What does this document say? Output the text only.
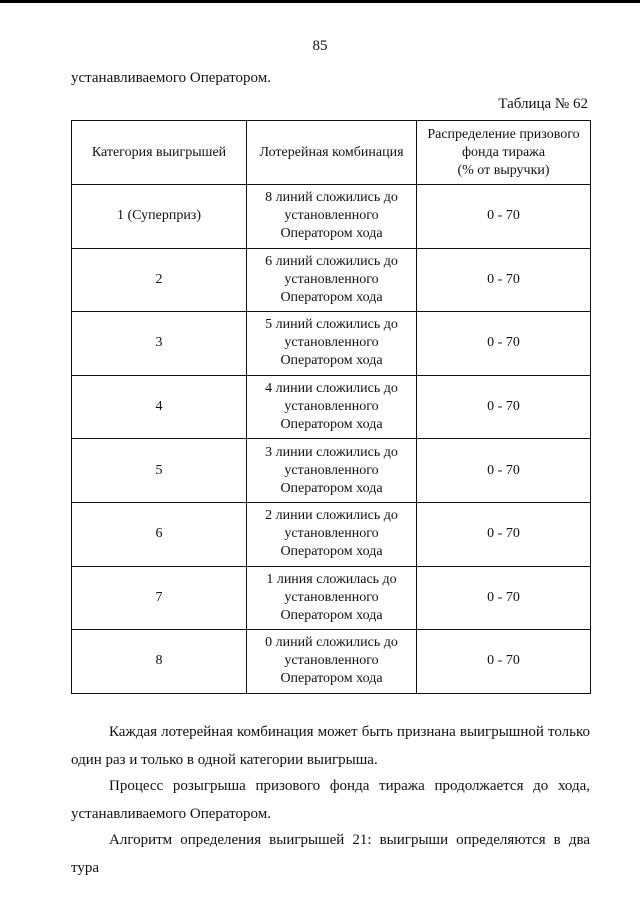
85
устанавливаемого Оператором.
Таблица № 62
Категория выигрышей	Лотерейная комбинация	Распределение призового
фонда тиража
(% от выручки)

1 (Суперприз)	8 линий сложились до
установленного
Оператором хода	0 - 70
2	6 линий сложились до
установленного
Оператором хода	0 - 70
3	5 линий сложились до
установленного
Оператором хода	0 - 70
4	4 линии сложились до
установленного
Оператором хода	0 - 70
5	3 линии сложились до
установленного
Оператором хода	0 - 70
6	2 линии сложились до
установленного
Оператором хода	0 - 70
7	1 линия сложилась до
установленного
Оператором хода	0 - 70
8	0 линий сложились до
установленного
Оператором хода	0 - 70

Каждая лотерейная комбинация может быть признана выигрышной только один раз и только в одной категории выигрыша.

Процесс розыгрыша призового фонда тиража продолжается до хода, устанавливаемого Оператором.

Алгоритм определения выигрышей 21: выигрыши определяются в два тура
